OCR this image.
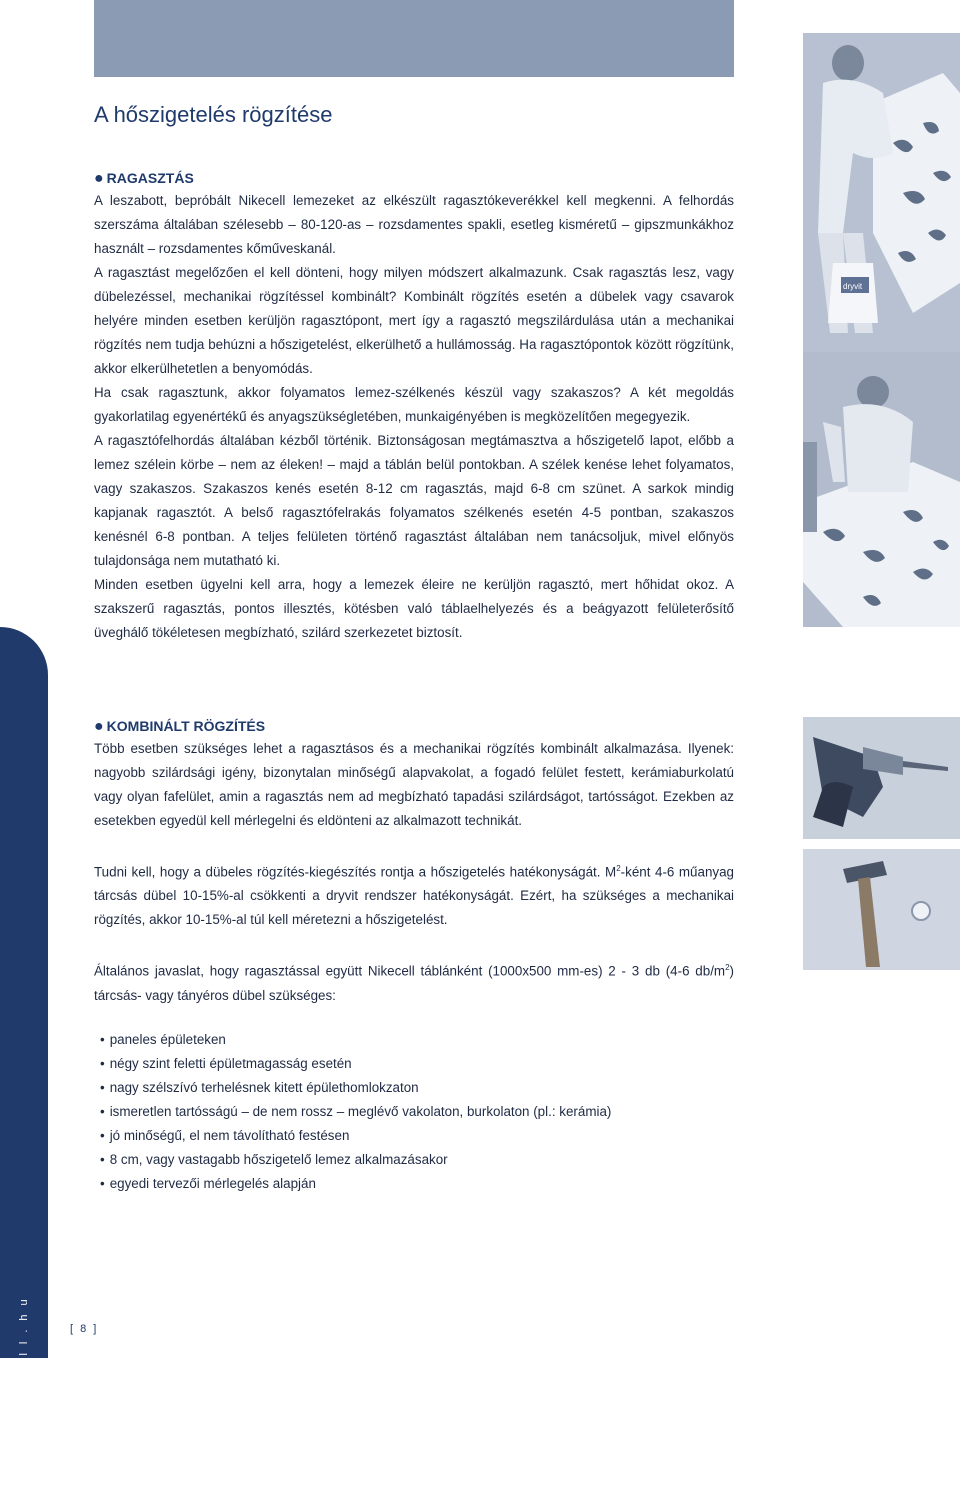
A hőszigetelés rögzítése

● RAGASZTÁS

A leszabott, bepróbált Nikecell lemezeket az elkészült ragasztókeverékkel kell megkenni. A felhordás szerszáma általában szélesebb – 80-120-as – rozsdamentes spakli, esetleg kisméretű – gipszmunkákhoz használt – rozsdamentes kőműveskanál.

A ragasztást megelőzően el kell dönteni, hogy milyen módszert alkalmazunk. Csak ragasztás lesz, vagy dübelezéssel, mechanikai rögzítéssel kombinált? Kombinált rögzítés esetén a dübelek vagy csavarok helyére minden esetben kerüljön ragasztópont, mert így a ragasztó megszilárdulása után a mechanikai rögzítés nem tudja behúzni a hőszigetelést, elkerülhető a hullámosság. Ha ragasztópontok között rögzítünk, akkor elkerülhetetlen a benyomódás.

Ha csak ragasztunk, akkor folyamatos lemez-szélkenés készül vagy szakaszos? A két megoldás gyakorlatilag egyenértékű és anyagszükségletében, munkaigényében is megközelítően megegyezik.

A ragasztófelhordás általában kézből történik. Biztonságosan megtámasztva a hőszigetelő lapot, előbb a lemez szélein körbe – nem az éleken! – majd a táblán belül pontokban. A szélek kenése lehet folyamatos, vagy szakaszos. Szakaszos kenés esetén 8-12 cm ragasztás, majd 6-8 cm szünet. A sarkok mindig kapjanak ragasztót. A belső ragasztófelrakás folyamatos szélkenés esetén 4-5 pontban, szakaszos kenésnél 6-8 pontban. A teljes felületen történő ragasztást általában nem tanácsoljuk, mivel előnyös tulajdonsága nem mutatható ki.

Minden esetben ügyelni kell arra, hogy a lemezek éleire ne kerüljön ragasztó, mert hőhidat okoz. A szakszerű ragasztás, pontos illesztés, kötésben való táblaelhelyezés és a beágyazott felületerősítő üveghálő tökéletesen megbízható, szilárd szerkezetet biztosít.

● KOMBINÁLT RÖGZÍTÉS

Több esetben szükséges lehet a ragasztásos és a mechanikai rögzítés kombinált alkalmazása. Ilyenek: nagyobb szilárdsági igény, bizonytalan minőségű alapvakolat, a fogadó felület festett, kerámiaburkolatú vagy olyan fafelület, amin a ragasztás nem ad megbízható tapadási szilárdságot, tartósságot. Ezekben az esetekben egyedül kell mérlegelni és eldönteni az alkalmazott technikát.

Tudni kell, hogy a dübeles rögzítés-kiegészítés rontja a hőszigetelés hatékonyságát. $M^2$-ként 4-6 műanyag tárcsás dübel 10-15%-al csökkenti a dryvit rendszer hatékonyságát. Ezért, ha szükséges a mechanikai rögzítés, akkor 10-15%-al túl kell méretezni a hőszigetelést.

Általános javaslat, hogy ragasztással együtt Nikecell táblánként (1000x500 mm-es) 2 - 3 db (4-6 $db/m^2$) tárcsás- vagy tányéros dübel szükséges:

• paneles épületeken
• négy szint feletti épületmagasság esetén
• nagy szélszívó terhelésnek kitett épülethomlokzaton
• ismeretlen tartósságú – de nem rossz – meglévő vakolaton, burkolaton (pl.: kerámia)
• jó minőségű, el nem távolítható festésen
• 8 cm, vagy vastagabb hőszigetelő lemez alkalmazásakor
• egyedi tervezői mérlegelés alapján
www.nikecell.hu	[ 8 ]
dryvit
